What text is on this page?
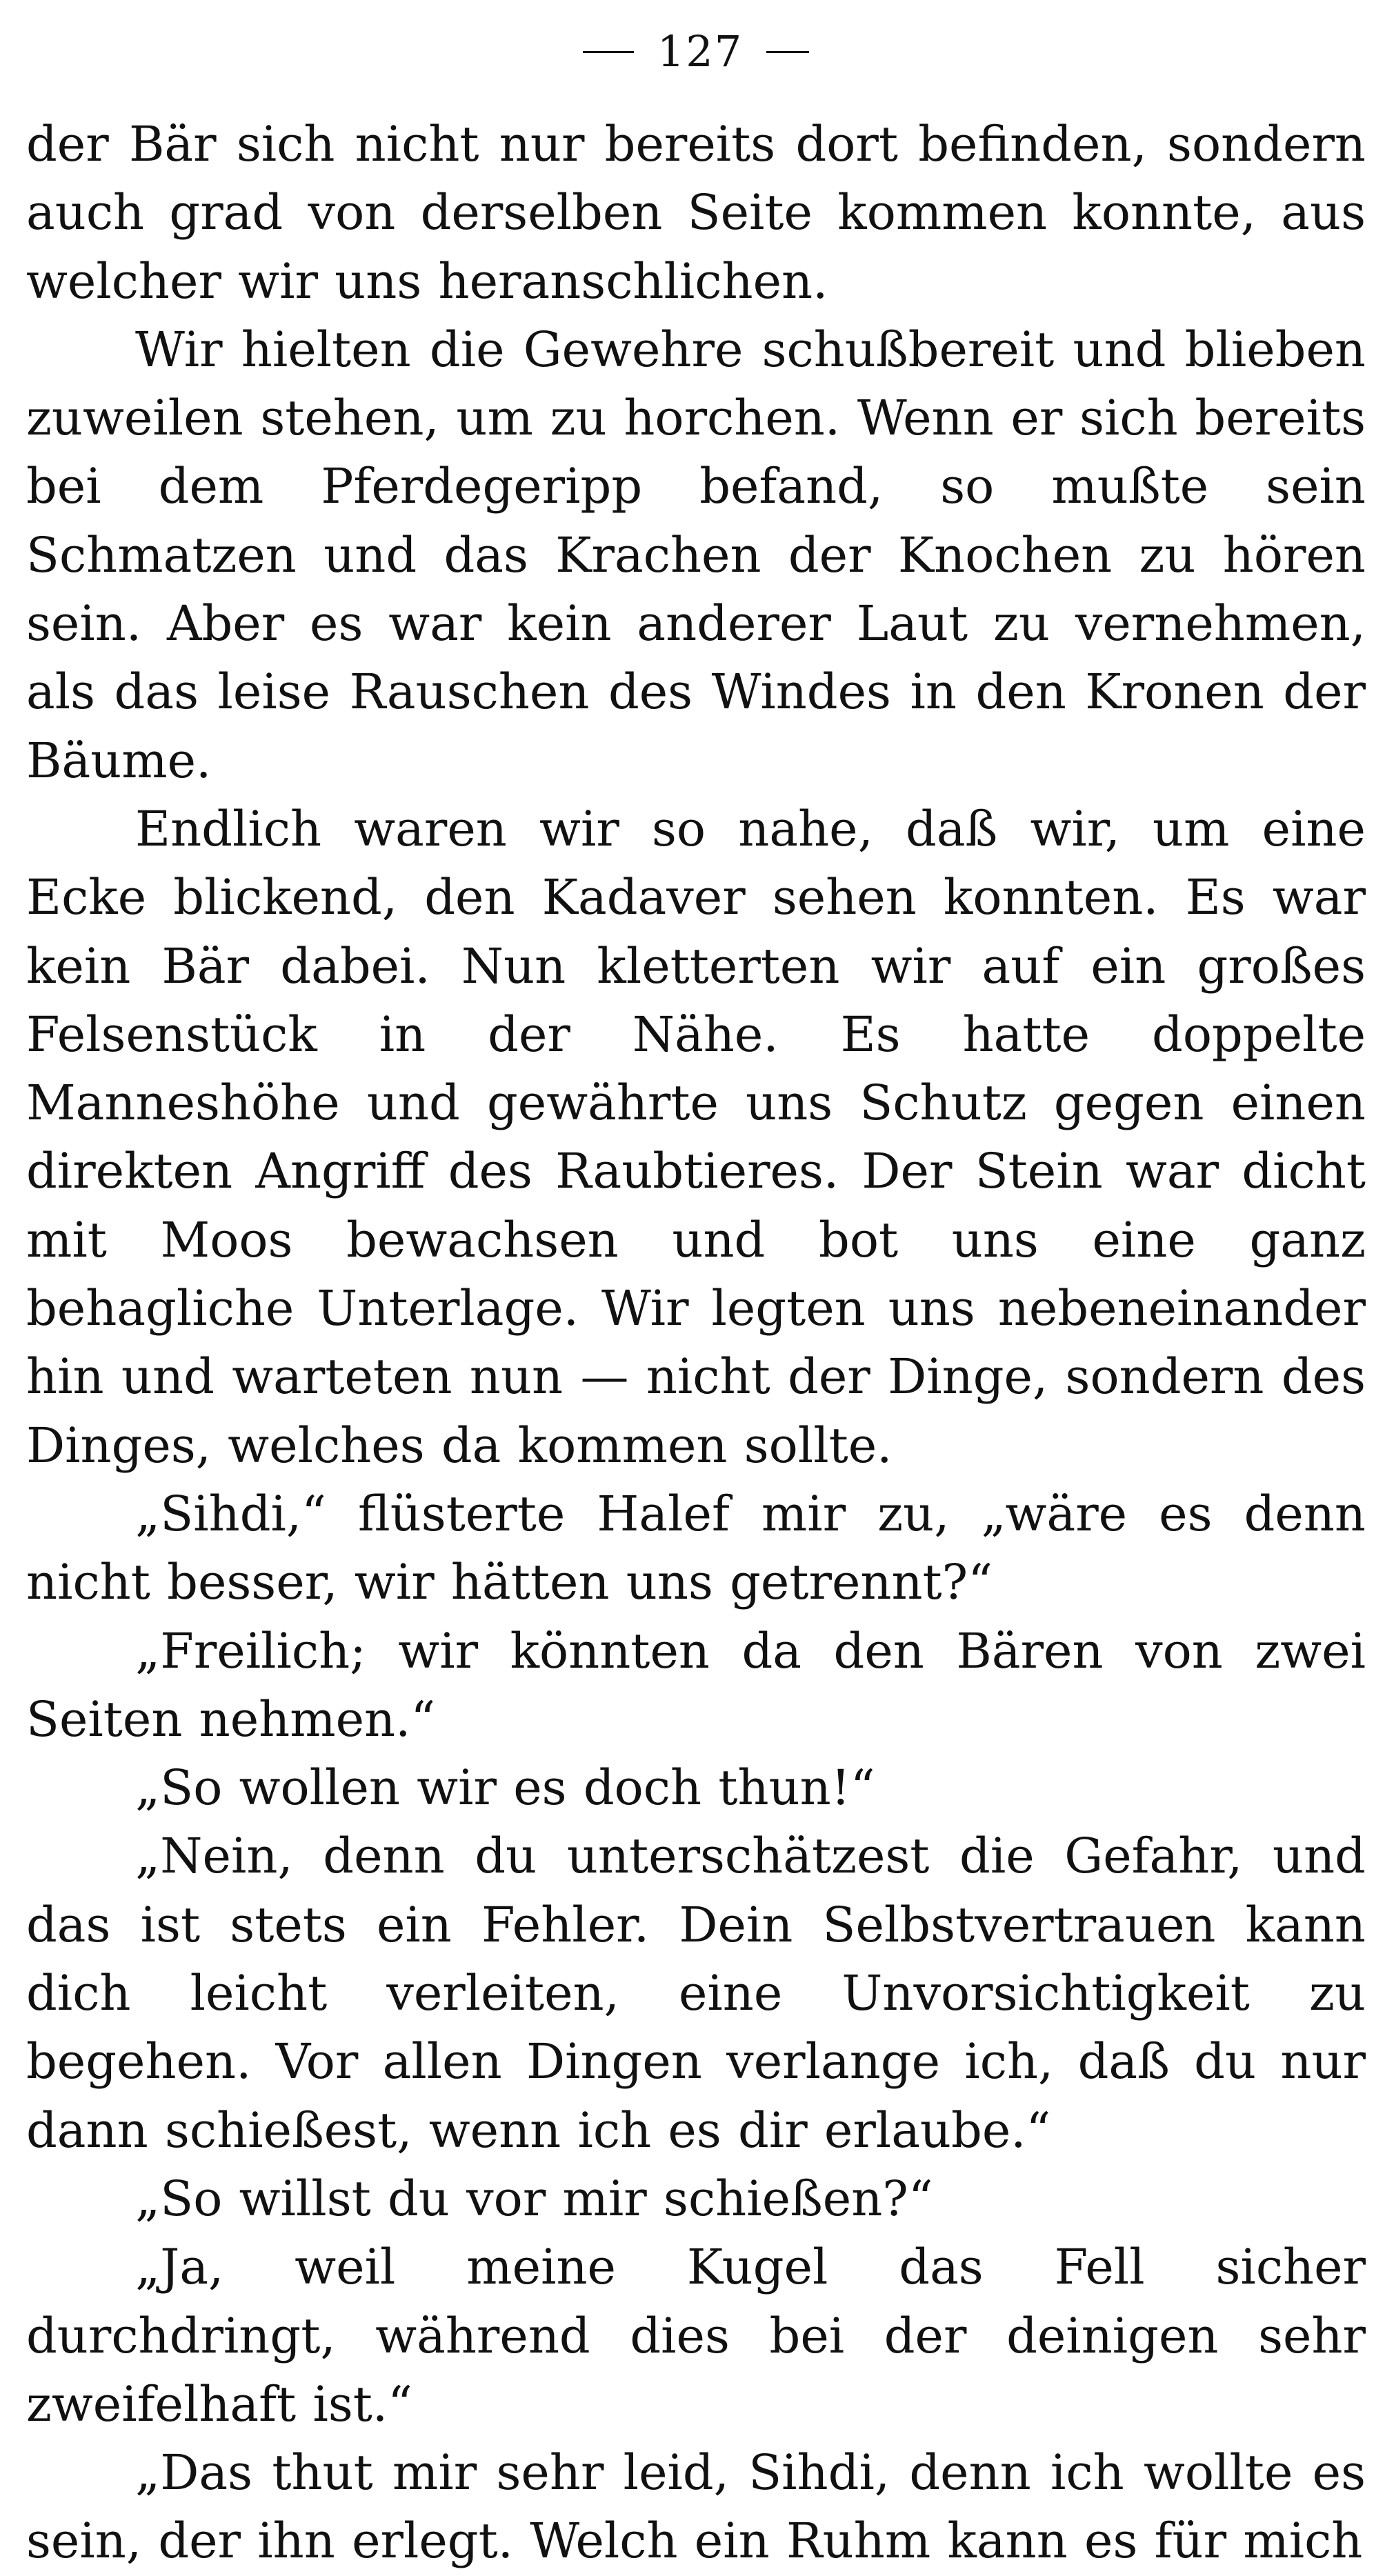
127

der Bär sich nicht nur bereits dort befinden, sondern auch grad von derselben Seite kommen konnte, aus welcher wir uns heranschlichen.

Wir hielten die Gewehre schußbereit und blieben zuweilen stehen, um zu horchen. Wenn er sich bereits bei dem Pferdegeripp befand, so mußte sein Schmatzen und das Krachen der Knochen zu hören sein. Aber es war kein anderer Laut zu vernehmen, als das leise Rauschen des Windes in den Kronen der Bäume.

Endlich waren wir so nahe, daß wir, um eine Ecke blickend, den Kadaver sehen konnten. Es war kein Bär dabei. Nun kletterten wir auf ein großes Felsenstück in der Nähe. Es hatte doppelte Manneshöhe und gewährte uns Schutz gegen einen direkten Angriff des Raubtieres. Der Stein war dicht mit Moos bewachsen und bot uns eine ganz behagliche Unterlage. Wir legten uns nebeneinander hin und warteten nun — nicht der Dinge, sondern des Dinges, welches da kommen sollte.

„Sihdi,“ flüsterte Halef mir zu, „wäre es denn nicht besser, wir hätten uns getrennt?“

„Freilich; wir könnten da den Bären von zwei Seiten nehmen.“

„So wollen wir es doch thun!“

„Nein, denn du unterschätzest die Gefahr, und das ist stets ein Fehler. Dein Selbstvertrauen kann dich leicht verleiten, eine Unvorsichtigkeit zu begehen. Vor allen Dingen verlange ich, daß du nur dann schießest, wenn ich es dir erlaube.“

„So willst du vor mir schießen?“

„Ja, weil meine Kugel das Fell sicher durchdringt, während dies bei der deinigen sehr zweifelhaft ist.“

„Das thut mir sehr leid, Sihdi, denn ich wollte es sein, der ihn erlegt. Welch ein Ruhm kann es für mich
